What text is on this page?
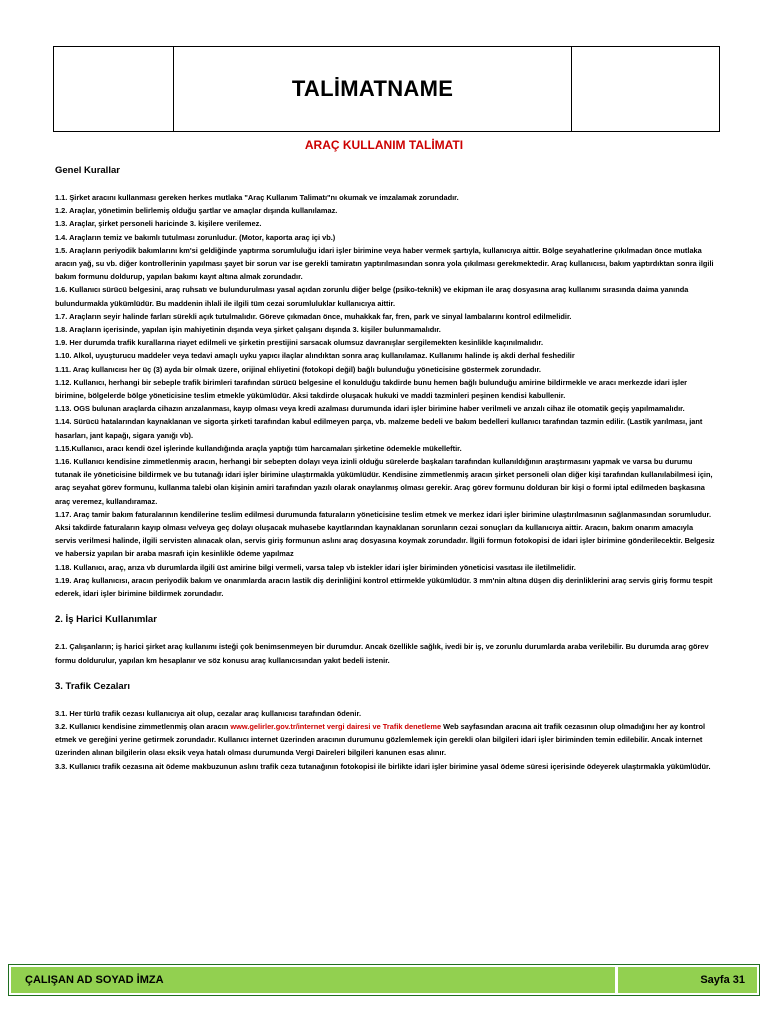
TALİMATNAME
ARAÇ KULLANIM TALİMATI
Genel Kurallar

1.1. Şirket aracını kullanması gereken herkes mutlaka "Araç Kullanım Talimatı"nı okumak ve imzalamak zorundadır.

1.2. Araçlar, yönetimin belirlemiş olduğu şartlar ve amaçlar dışında kullanılamaz.

1.3. Araçlar, şirket personeli haricinde 3. kişilere verilemez.

1.4. Araçların temiz ve bakımlı tutulması zorunludur. (Motor, kaporta araç içi vb.)

1.5. Araçların periyodik bakımlarını km'si geldiğinde yaptırma sorumluluğu idari işler birimine veya haber vermek şartıyla, kullanıcıya aittir. Bölge seyahatlerine çıkılmadan önce mutlaka aracın yağ, su vb. diğer kontrollerinin yapılması şayet bir sorun var ise gerekli tamiratın yaptırılmasından sonra yola çıkılması gerekmektedir. Araç kullanıcısı, bakım yaptırdıktan sonra ilgili bakım formunu doldurup, yapılan bakımı kayıt altına almak zorundadır.

1.6. Kullanıcı sürücü belgesini, araç ruhsatı ve bulundurulması yasal açıdan zorunlu diğer belge (psiko-teknik) ve ekipman ile araç dosyasına araç kullanımı sırasında daima yanında bulundurmakla yükümlüdür. Bu maddenin ihlali ile ilgili tüm cezai sorumluluklar kullanıcıya aittir.

1.7. Araçların seyir halinde farları sürekli açık tutulmalıdır. Göreve çıkmadan önce, muhakkak far, fren, park ve sinyal lambalarını kontrol edilmelidir.

1.8. Araçların içerisinde, yapılan işin mahiyetinin dışında veya şirket çalışanı dışında 3. kişiler bulunmamalıdır.

1.9. Her durumda trafik kurallarına riayet edilmeli ve şirketin prestijini sarsacak olumsuz davranışlar sergilemekten kesinlikle kaçınılmalıdır.

1.10. Alkol, uyuşturucu maddeler veya tedavi amaçlı uyku yapıcı ilaçlar alındıktan sonra araç kullanılamaz. Kullanımı halinde iş akdi derhal feshedilir

1.11. Araç kullanıcısı her üç (3) ayda bir olmak üzere, orijinal ehliyetini (fotokopi değil) bağlı bulunduğu yöneticisine göstermek zorundadır.

1.12. Kullanıcı, herhangi bir sebeple trafik birimleri tarafından sürücü belgesine el konulduğu takdirde bunu hemen bağlı bulunduğu amirine bildirmekle ve aracı merkezde idari işler birimine, bölgelerde bölge yöneticisine teslim etmekle yükümlüdür. Aksi takdirde oluşacak hukuki ve maddi tazminleri peşinen kendisi kabullenir.

1.13. OGS bulunan araçlarda cihazın arızalanması, kayıp olması veya kredi azalması durumunda idari işler birimine haber verilmeli ve arızalı cihaz ile otomatik geçiş yapılmamalıdır.

1.14. Sürücü hatalarından kaynaklanan ve sigorta şirketi tarafından kabul edilmeyen parça, vb. malzeme bedeli ve bakım bedelleri kullanıcı tarafından tazmin edilir. (Lastik yarılması, jant hasarları, jant kapağı, sigara yanığı vb).

1.15.Kullanıcı, aracı kendi özel işlerinde kullandığında araçla yaptığı tüm harcamaları şirketine ödemekle mükelleftir.

1.16. Kullanıcı kendisine zimmetlenmiş aracın, herhangi bir sebepten dolayı veya izinli olduğu sürelerde başkaları tarafından kullanıldığının araştırmasını yapmak ve varsa bu durumu tutanak ile yöneticisine bildirmek ve bu tutanağı idari işler birimine ulaştırmakla yükümlüdür. Kendisine zimmetlenmiş aracın şirket personeli olan diğer kişi tarafından kullanılabilmesi için, araç seyahat görev formunu, kullanma talebi olan kişinin amiri tarafından yazılı olarak onaylanmış olması gerekir. Araç görev formunu dolduran bir kişi o formi iptal edilmeden başkasına araç veremez, kullandıramaz.

1.17. Araç tamir bakım faturalarının kendilerine teslim edilmesi durumunda faturaların yöneticisine teslim etmek ve merkez idari işler birimine ulaştırılmasının sağlanmasından sorumludur. Aksi takdirde faturaların kayıp olması ve/veya geç dolayı oluşacak muhasebe kayıtlarından kaynaklanan sorunların cezai sonuçları da kullanıcıya aittir. Aracın, bakım onarım amacıyla servis verilmesi halinde, ilgili servisten alınacak olan, servis giriş formunun aslını araç dosyasına koymak zorundadır. İlgili formun fotokopisi de idari işler birimine gönderilecektir. Belgesiz ve habersiz yapılan bir araba masrafı için kesinlikle ödeme yapılmaz

1.18. Kullanıcı, araç, arıza vb durumlarda ilgili üst amirine bilgi vermeli, varsa talep vb istekler idari işler biriminden yöneticisi vasıtası ile iletilmelidir.

1.19. Araç kullanıcısı, aracın periyodik bakım ve onarımlarda aracın lastik diş derinliğini kontrol ettirmekle yükümlüdür. 3 mm'nin altına düşen diş derinliklerini araç servis giriş formu tespit ederek, idari işler birimine bildirmek zorundadır.

2. İş Harici Kullanımlar

2.1. Çalışanların; iş harici şirket araç kullanımı isteği çok benimsenmeyen bir durumdur. Ancak özellikle sağlık, ivedi bir iş, ve zorunlu durumlarda araba verilebilir. Bu durumda araç görev formu doldurulur, yapılan km hesaplanır ve söz konusu araç kullanıcısından yakıt bedeli istenir.

3. Trafik Cezaları

3.1. Her türlü trafik cezası kullanıcıya ait olup, cezalar araç kullanıcısı tarafından ödenir.

3.2. Kullanıcı kendisine zimmetlenmiş olan aracın www.gelirler.gov.tr/internet vergi dairesi ve Trafik denetleme Web sayfasından aracına ait trafik cezasının olup olmadığını her ay kontrol etmek ve gereğini yerine getirmek zorundadır. Kullanıcı internet üzerinden aracının durumunu gözlemlemek için gerekli olan bilgileri idari işler biriminden temin edilebilir. Ancak internet üzerinden alınan bilgilerin olası eksik veya hatalı olması durumunda Vergi Daireleri bilgileri kanunen esas alınır.

3.3. Kullanıcı trafik cezasına ait ödeme makbuzunun aslını trafik ceza tutanağının fotokopisi ile birlikte idari işler birimine yasal ödeme süresi içerisinde ödeyerek ulaştırmakla yükümlüdür.

ÇALIŞAN AD SOYAD İMZA	Sayfa 31
